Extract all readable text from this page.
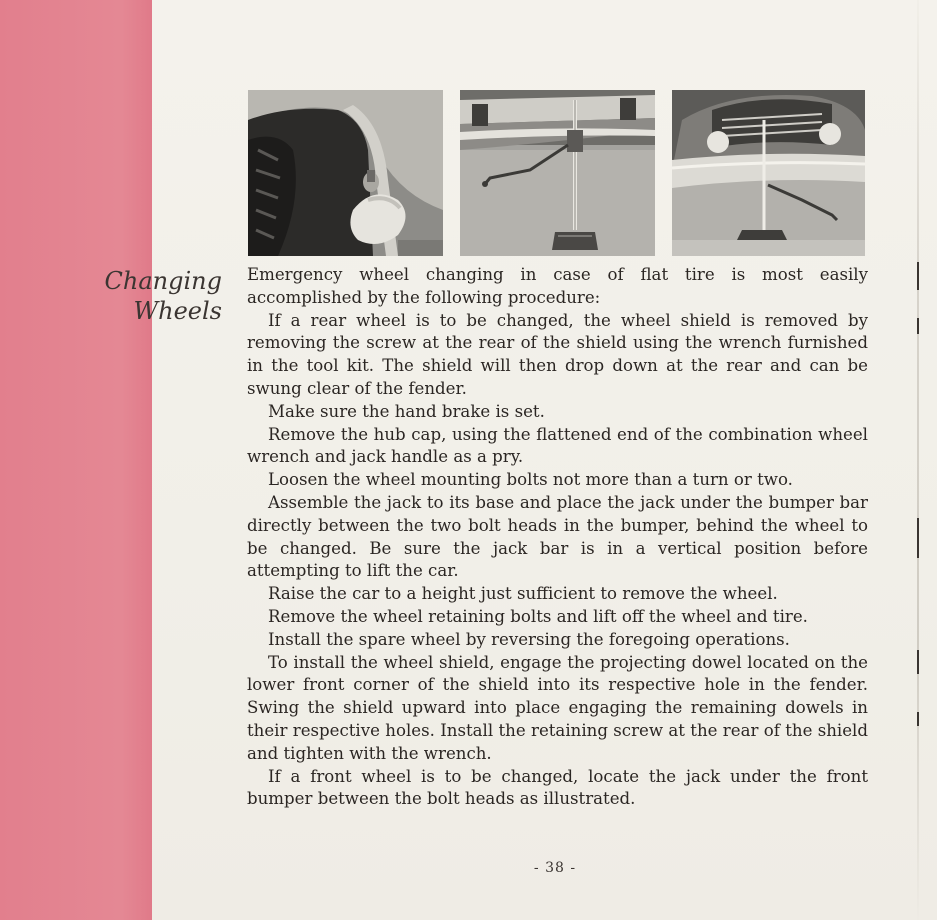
Changing
Wheels

Emergency wheel changing in case of flat tire is most easily accomplished by the following procedure:

If a rear wheel is to be changed, the wheel shield is removed by removing the screw at the rear of the shield using the wrench furnished in the tool kit. The shield will then drop down at the rear and can be swung clear of the fender.

Make sure the hand brake is set.

Remove the hub cap, using the flattened end of the combination wheel wrench and jack handle as a pry.

Loosen the wheel mounting bolts not more than a turn or two.

Assemble the jack to its base and place the jack under the bumper bar directly between the two bolt heads in the bumper, behind the wheel to be changed. Be sure the jack bar is in a vertical position before attempting to lift the car.

Raise the car to a height just sufficient to remove the wheel.

Remove the wheel retaining bolts and lift off the wheel and tire.

Install the spare wheel by reversing the foregoing operations.

To install the wheel shield, engage the projecting dowel located on the lower front corner of the shield into its respective hole in the fender. Swing the shield upward into place engaging the remaining dowels in their respective holes. Install the retaining screw at the rear of the shield and tighten with the wrench.

If a front wheel is to be changed, locate the jack under the front bumper between the bolt heads as illustrated.

- 38 -
